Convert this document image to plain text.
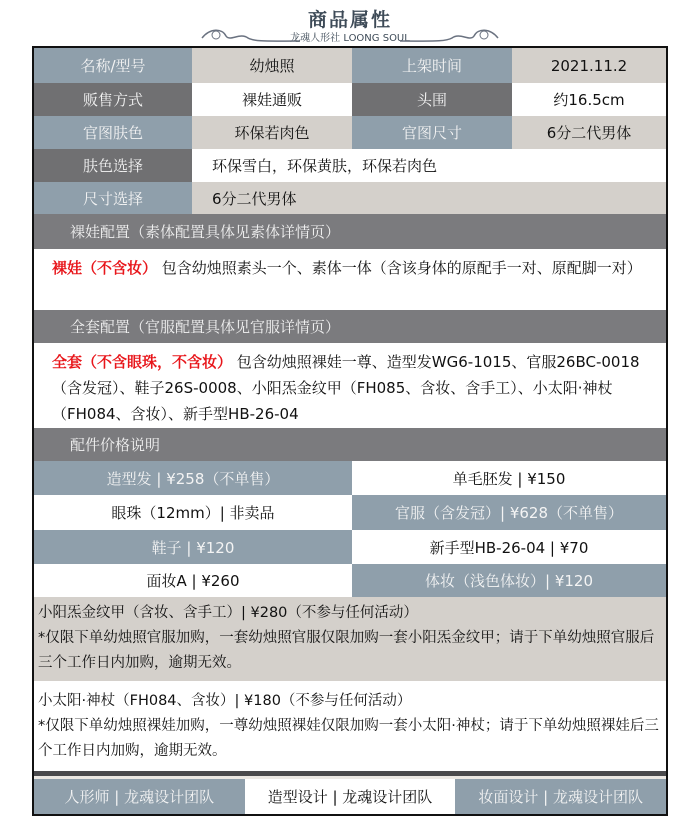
商品属性
龙魂人形社 LOONG SOUL
名称/型号	幼烛照	上架时间	2021.11.2
贩售方式	裸娃通贩	头围	约16.5cm
官图肤色	环保若肉色	官图尺寸	6分二代男体
肤色选择	环保雪白，环保黄肤，环保若肉色
尺寸选择	6分二代男体
裸娃配置（素体配置具体见素体详情页）
裸娃（不含妆） 包含幼烛照素头一个、素体一体（含该身体的原配手一对、原配脚一对）
全套配置（官服配置具体见官服详情页）
全套（不含眼珠，不含妆） 包含幼烛照裸娃一尊、造型发WG6-1015、官服26BC-0018（含发冠）、鞋子26S-0008、小阳炁金纹甲（FH085、含妆、含手工）、小太阳·神杖（FH084、含妆）、新手型HB-26-04
配件价格说明
造型发 | ¥258（不单售）	单毛胚发 | ¥150
眼珠（12mm）| 非卖品	官服（含发冠）| ¥628（不单售）
鞋子 | ¥120	新手型HB-26-04 | ¥70
面妆A | ¥260	体妆（浅色体妆）| ¥120
小阳炁金纹甲（含妆、含手工）| ¥280（不参与任何活动）
*仅限下单幼烛照官服加购，一套幼烛照官服仅限加购一套小阳炁金纹甲；请于下单幼烛照官服后三个工作日内加购，逾期无效。
小太阳·神杖（FH084、含妆）| ¥180（不参与任何活动）
*仅限下单幼烛照裸娃加购，一尊幼烛照裸娃仅限加购一套小太阳·神杖；请于下单幼烛照裸娃后三个工作日内加购，逾期无效。
人形师 | 龙魂设计团队	造型设计 | 龙魂设计团队	妆面设计 | 龙魂设计团队
